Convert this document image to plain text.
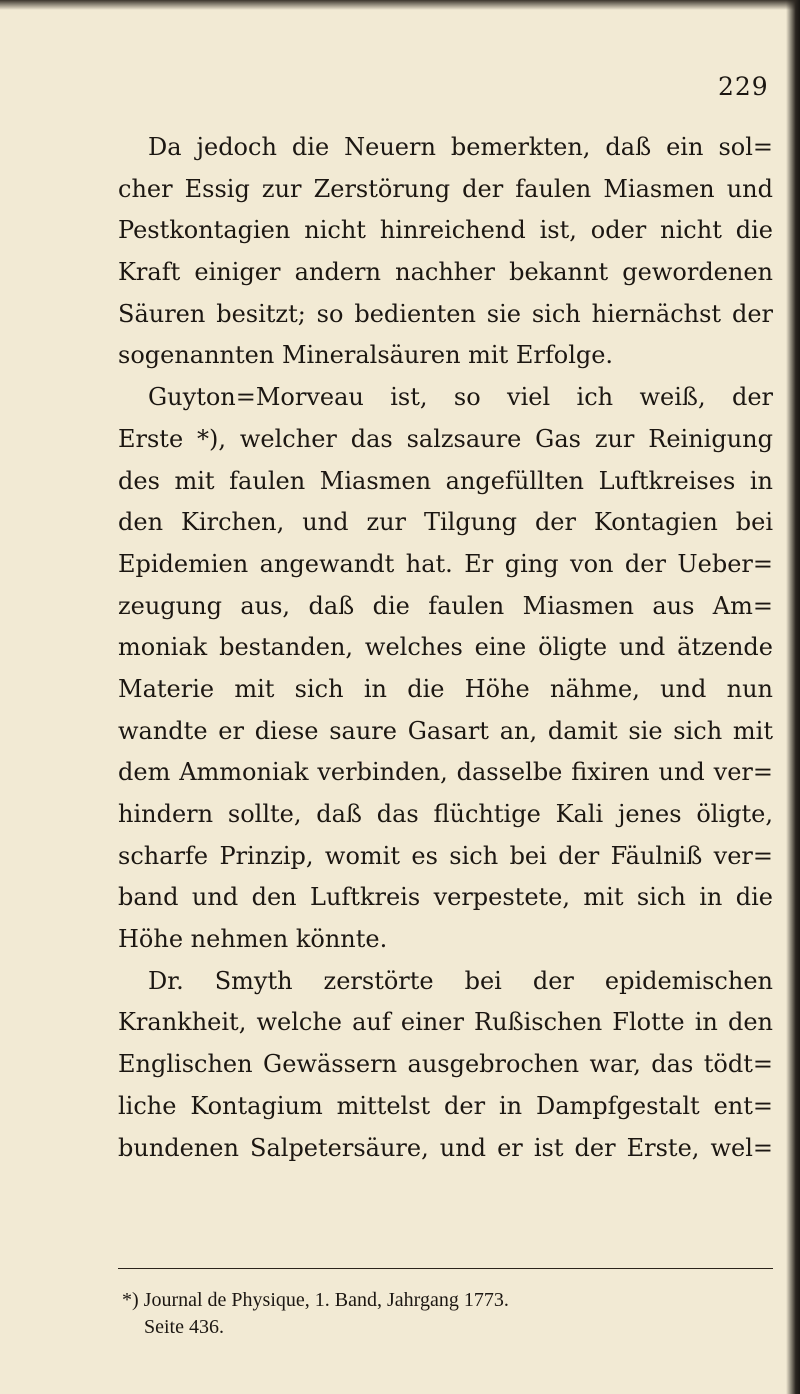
229
Da jedoch die Neuern bemerkten, daß ein sol=
cher Essig zur Zerstörung der faulen Miasmen und
Pestkontagien nicht hinreichend ist, oder nicht die
Kraft einiger andern nachher bekannt gewordenen
Säuren besitzt; so bedienten sie sich hiernächst der
sogenannten Mineralsäuren mit Erfolge.
Guyton=Morveau ist, so viel ich weiß, der
Erste *), welcher das salzsaure Gas zur Reinigung
des mit faulen Miasmen angefüllten Luftkreises in
den Kirchen, und zur Tilgung der Kontagien bei
Epidemien angewandt hat. Er ging von der Ueber=
zeugung aus, daß die faulen Miasmen aus Am=
moniak bestanden, welches eine öligte und ätzende
Materie mit sich in die Höhe nähme, und nun
wandte er diese saure Gasart an, damit sie sich mit
dem Ammoniak verbinden, dasselbe fixiren und ver=
hindern sollte, daß das flüchtige Kali jenes öligte,
scharfe Prinzip, womit es sich bei der Fäulniß ver=
band und den Luftkreis verpestete, mit sich in die
Höhe nehmen könnte.
Dr. Smyth zerstörte bei der epidemischen
Krankheit, welche auf einer Rußischen Flotte in den
Englischen Gewässern ausgebrochen war, das tödt=
liche Kontagium mittelst der in Dampfgestalt ent=
bundenen Salpetersäure, und er ist der Erste, wel=
*) Journal de Physique, 1. Band, Jahrgang 1773.
Seite 436.
